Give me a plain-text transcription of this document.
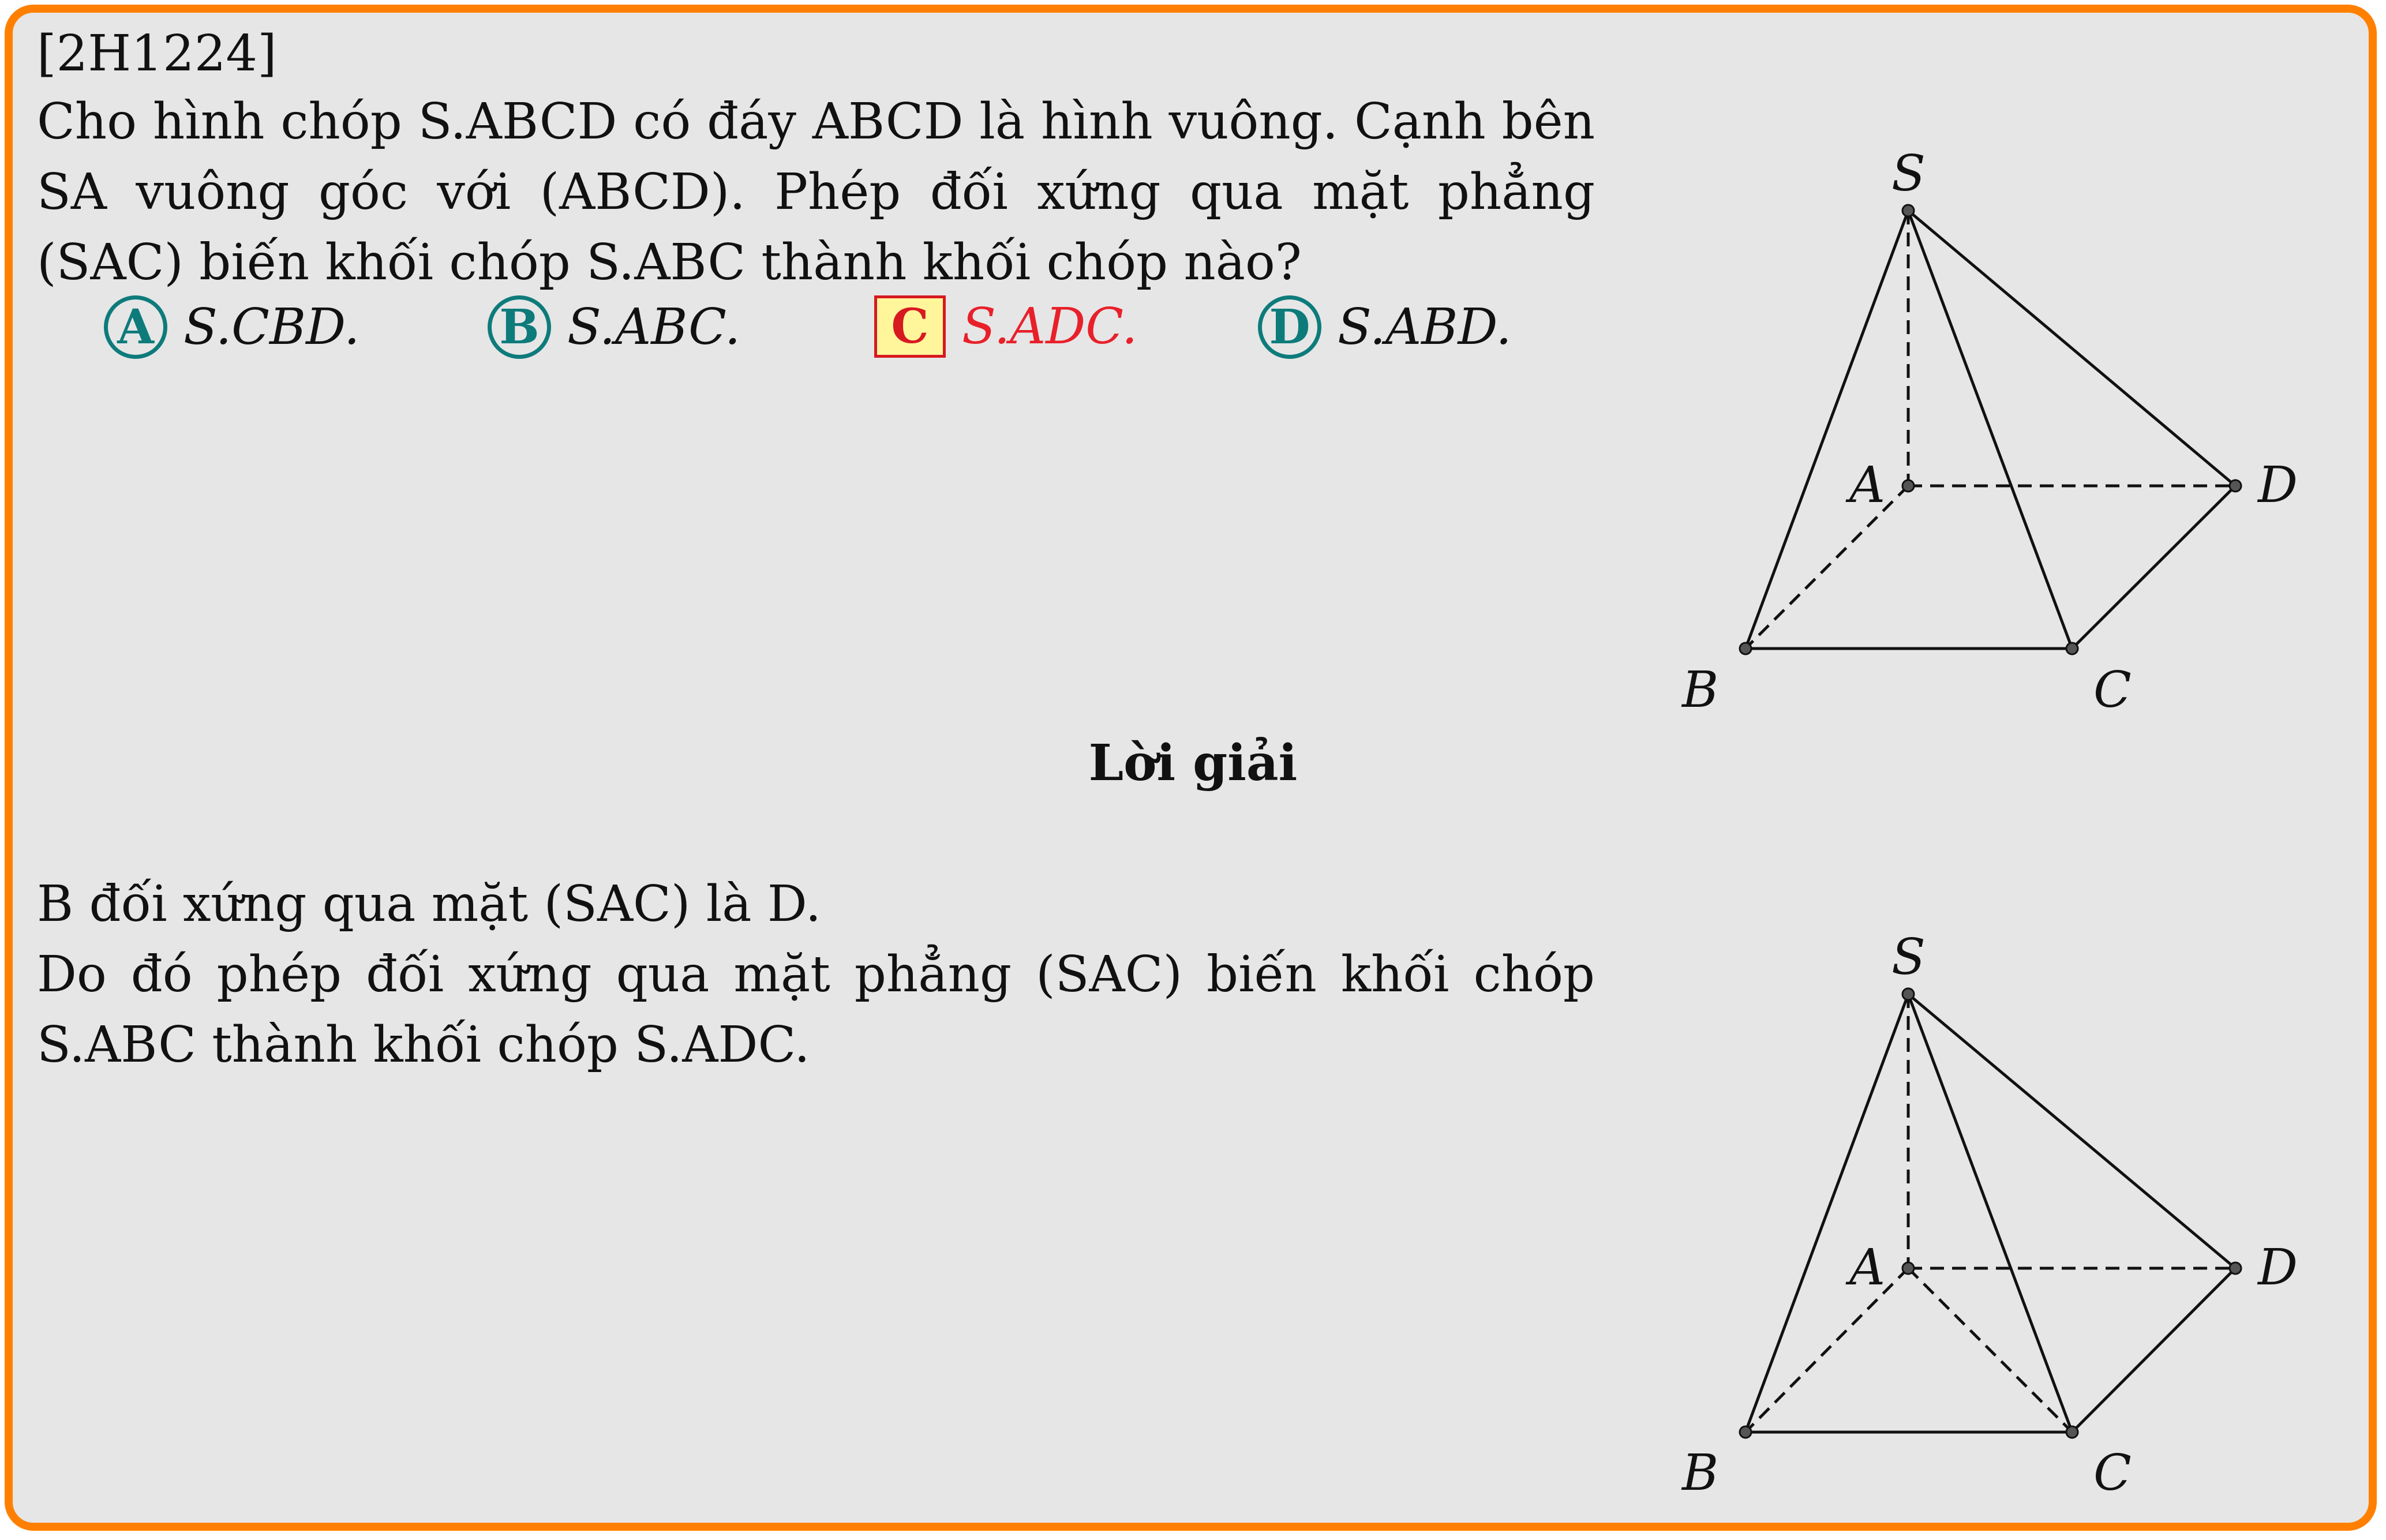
[2H1224]
Cho hình chóp S.ABCD có đáy ABCD là hình vuông. Cạnh bên SA vuông góc với (ABCD). Phép đối xứng qua mặt phẳng (SAC) biến khối chóp S.ABC thành khối chóp nào?
A S.CBD.	B S.ABC.	C S.ADC.	D S.ABD.
Lời giải
B đối xứng qua mặt (SAC) là D.
Do đó phép đối xứng qua mặt phẳng (SAC) biến khối chóp S.ABC thành khối chóp S.ADC.
S
A
B	C
D
S
A
B	C
D
